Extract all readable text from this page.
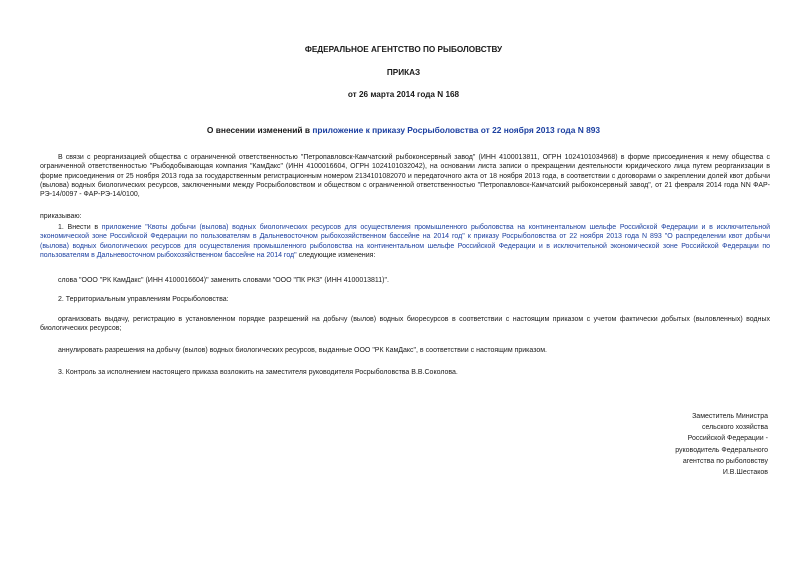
ФЕДЕРАЛЬНОЕ АГЕНТСТВО ПО РЫБОЛОВСТВУ
ПРИКАЗ
от 26 марта 2014 года N 168
О внесении изменений в приложение к приказу Росрыболовства от 22 ноября 2013 года N 893
В связи с реорганизацией общества с ограниченной ответственностью "Петропавловск-Камчатский рыбоконсервный завод" (ИНН 4100013811, ОГРН 1024101034968) в форме присоединения к нему общества с ограниченной ответственностью "Рыбодобывающая компания "КамДакс" (ИНН 4100016604, ОГРН 1024101032042), на основании листа записи о прекращении деятельности юридического лица путем реорганизации в форме присоединения от 25 ноября 2013 года за государственным регистрационным номером 2134101082070 и передаточного акта от 18 ноября 2013 года, в соответствии с договорами о закреплении долей квот добычи (вылова) водных биологических ресурсов, заключенными между Росрыболовством и обществом с ограниченной ответственностью "Петропавловск-Камчатский рыбоконсервный завод", от 21 февраля 2014 года NN ФАР-РЭ-14/0097 - ФАР-РЭ-14/0100,
приказываю:
1. Внести в приложение "Квоты добычи (вылова) водных биологических ресурсов для осуществления промышленного рыболовства на континентальном шельфе Российской Федерации и в исключительной экономической зоне Российской Федерации по пользователям в Дальневосточном рыбохозяйственном бассейне на 2014 год" к приказу Росрыболовства от 22 ноября 2013 года N 893 "О распределении квот добычи (вылова) водных биологических ресурсов для осуществления промышленного рыболовства на континентальном шельфе Российской Федерации и в исключительной экономической зоне Российской Федерации по пользователям в Дальневосточном рыбохозяйственном бассейне на 2014 год" следующие изменения:
слова "ООО "РК КамДакс" (ИНН 4100016604)" заменить словами "ООО "ПК РКЗ" (ИНН 4100013811)".
2. Территориальным управлениям Росрыболовства:
организовать выдачу, регистрацию в установленном порядке разрешений на добычу (вылов) водных биоресурсов в соответствии с настоящим приказом с учетом фактически добытых (выловленных) водных биологических ресурсов;
аннулировать разрешения на добычу (вылов) водных биологических ресурсов, выданные ООО "РК КамДакс", в соответствии с настоящим приказом.
3. Контроль за исполнением настоящего приказа возложить на заместителя руководителя Росрыболовства В.В.Соколова.
Заместитель Министра
сельского хозяйства
Российской Федерации -
руководитель Федерального
агентства по рыболовству
И.В.Шестаков
